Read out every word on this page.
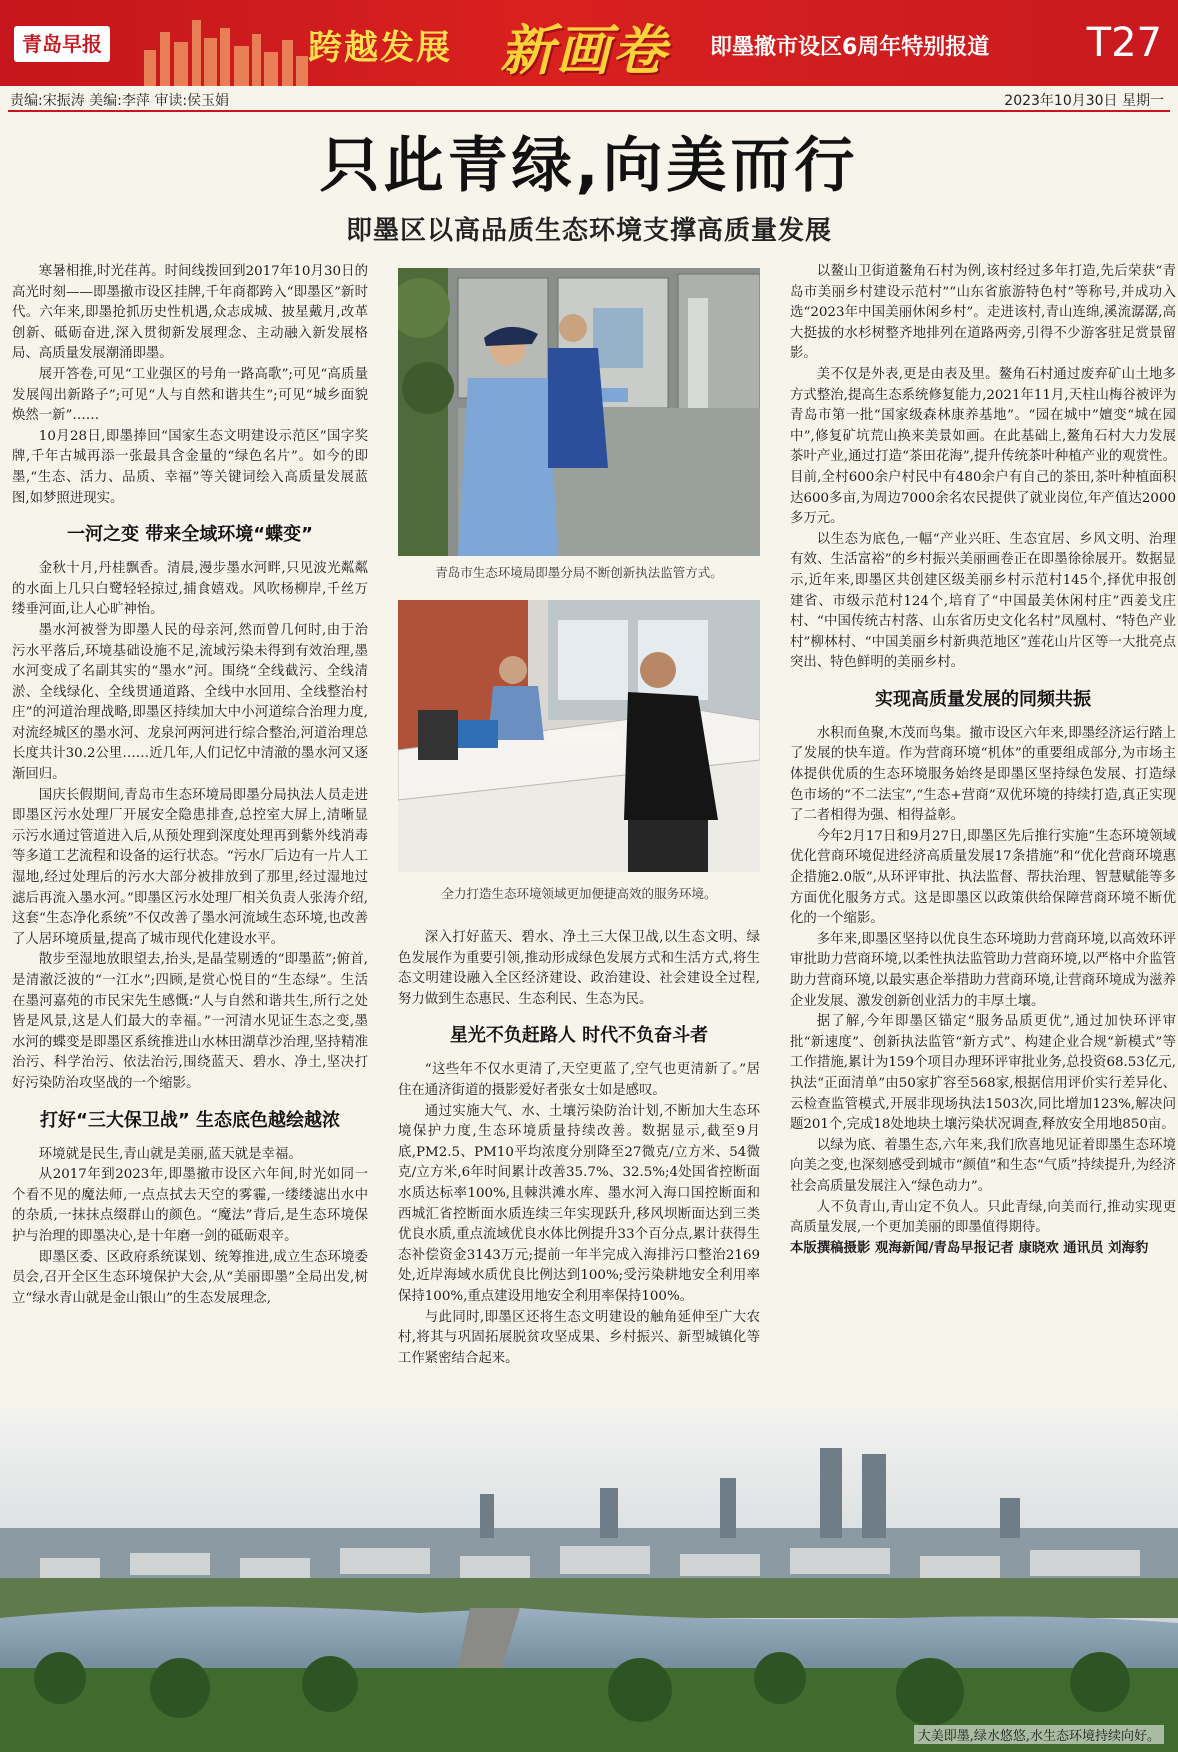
青岛早报	跨越发展 新画卷 即墨撤市设区6周年特别报道 T27
责编:宋振涛 美编:李萍 审读:侯玉娟	2023年10月30日 星期一
只此青绿,向美而行
即墨区以高品质生态环境支撑高质量发展

寒暑相推,时光荏苒。时间线拨回到2017年10月30日的高光时刻——即墨撤市设区挂牌,千年商都跨入“即墨区”新时代。六年来,即墨抢抓历史性机遇,众志成城、披星戴月,改革创新、砥砺奋进,深入贯彻新发展理念、主动融入新发展格局、高质量发展潮涌即墨。

展开答卷,可见“工业强区的号角一路高歌”;可见“高质量发展闯出新路子”;可见“人与自然和谐共生”;可见“城乡面貌焕然一新”……

10月28日,即墨捧回“国家生态文明建设示范区”国字奖牌,千年古城再添一张最具含金量的“绿色名片”。如今的即墨,“生态、活力、品质、幸福”等关键词绘入高质量发展蓝图,如梦照进现实。

一河之变 带来全域环境“蝶变”

金秋十月,丹桂飘香。清晨,漫步墨水河畔,只见波光粼粼的水面上几只白鹭轻轻掠过,捕食嬉戏。风吹杨柳岸,千丝万缕垂河面,让人心旷神怡。

墨水河被誉为即墨人民的母亲河,然而曾几何时,由于治污水平落后,环境基础设施不足,流域污染未得到有效治理,墨水河变成了名副其实的“墨水”河。围绕“全线截污、全线清淤、全线绿化、全线贯通道路、全线中水回用、全线整治村庄”的河道治理战略,即墨区持续加大中小河道综合治理力度,对流经城区的墨水河、龙泉河两河进行综合整治,河道治理总长度共计30.2公里……近几年,人们记忆中清澈的墨水河又逐渐回归。

国庆长假期间,青岛市生态环境局即墨分局执法人员走进即墨区污水处理厂开展安全隐患排查,总控室大屏上,清晰显示污水通过管道进入后,从预处理到深度处理再到紫外线消毒等多道工艺流程和设备的运行状态。“污水厂后边有一片人工湿地,经过处理后的污水大部分被排放到了那里,经过湿地过滤后再流入墨水河。”即墨区污水处理厂相关负责人张涛介绍,这套“生态净化系统”不仅改善了墨水河流域生态环境,也改善了人居环境质量,提高了城市现代化建设水平。

散步至湿地放眼望去,抬头,是晶莹剔透的“即墨蓝”;俯首,是清澈泛波的“一江水”;四顾,是赏心悦目的“生态绿”。生活在墨河嘉苑的市民宋先生感慨:“人与自然和谐共生,所行之处皆是风景,这是人们最大的幸福。”一河清水见证生态之变,墨水河的蝶变是即墨区系统推进山水林田湖草沙治理,坚持精准治污、科学治污、依法治污,围绕蓝天、碧水、净土,坚决打好污染防治攻坚战的一个缩影。

打好“三大保卫战” 生态底色越绘越浓

环境就是民生,青山就是美丽,蓝天就是幸福。

从2017年到2023年,即墨撤市设区六年间,时光如同一个看不见的魔法师,一点点拭去天空的雾霾,一缕缕滤出水中的杂质,一抹抹点缀群山的颜色。“魔法”背后,是生态环境保护与治理的即墨决心,是十年磨一剑的砥砺艰辛。

即墨区委、区政府系统谋划、统筹推进,成立生态环境委员会,召开全区生态环境保护大会,从“美丽即墨”全局出发,树立“绿水青山就是金山银山”的生态发展理念,

青岛市生态环境局即墨分局不断创新执法监管方式。
全力打造生态环境领域更加便捷高效的服务环境。

深入打好蓝天、碧水、净土三大保卫战,以生态文明、绿色发展作为重要引领,推动形成绿色发展方式和生活方式,将生态文明建设融入全区经济建设、政治建设、社会建设全过程,努力做到生态惠民、生态利民、生态为民。

星光不负赶路人 时代不负奋斗者

“这些年不仅水更清了,天空更蓝了,空气也更清新了。”居住在通济街道的摄影爱好者张女士如是感叹。

通过实施大气、水、土壤污染防治计划,不断加大生态环境保护力度,生态环境质量持续改善。数据显示,截至9月底,PM2.5、PM10平均浓度分别降至27微克/立方米、54微克/立方米,6年时间累计改善35.7%、32.5%;4处国省控断面水质达标率100%,且棘洪滩水库、墨水河入海口国控断面和西城汇省控断面水质连续三年实现跃升,移风坝断面达到三类优良水质,重点流域优良水体比例提升33个百分点,累计获得生态补偿资金3143万元;提前一年半完成入海排污口整治2169处,近岸海域水质优良比例达到100%;受污染耕地安全利用率保持100%,重点建设用地安全利用率保持100%。

与此同时,即墨区还将生态文明建设的触角延伸至广大农村,将其与巩固拓展脱贫攻坚成果、乡村振兴、新型城镇化等工作紧密结合起来。

以鳌山卫街道鳌角石村为例,该村经过多年打造,先后荣获“青岛市美丽乡村建设示范村”“山东省旅游特色村”等称号,并成功入选“2023年中国美丽休闲乡村”。走进该村,青山连绵,溪流潺潺,高大挺拔的水杉树整齐地排列在道路两旁,引得不少游客驻足赏景留影。

美不仅是外表,更是由表及里。鳌角石村通过废弃矿山土地多方式整治,提高生态系统修复能力,2021年11月,天柱山梅谷被评为青岛市第一批“国家级森林康养基地”。“园在城中”嬗变“城在园中”,修复矿坑荒山换来美景如画。在此基础上,鳌角石村大力发展茶叶产业,通过打造“茶田花海”,提升传统茶叶种植产业的观赏性。目前,全村600余户村民中有480余户有自己的茶田,茶叶种植面积达600多亩,为周边7000余名农民提供了就业岗位,年产值达2000多万元。

以生态为底色,一幅“产业兴旺、生态宜居、乡风文明、治理有效、生活富裕”的乡村振兴美丽画卷正在即墨徐徐展开。数据显示,近年来,即墨区共创建区级美丽乡村示范村145个,择优申报创建省、市级示范村124个,培育了“中国最美休闲村庄”西姜戈庄村、“中国传统古村落、山东省历史文化名村”凤凰村、“特色产业村”柳林村、“中国美丽乡村新典范地区”莲花山片区等一大批亮点突出、特色鲜明的美丽乡村。

实现高质量发展的同频共振

水积而鱼聚,木茂而鸟集。撤市设区六年来,即墨经济运行踏上了发展的快车道。作为营商环境“机体”的重要组成部分,为市场主体提供优质的生态环境服务始终是即墨区坚持绿色发展、打造绿色市场的“不二法宝”,“生态+营商”双优环境的持续打造,真正实现了二者相得为强、相得益彰。

今年2月17日和9月27日,即墨区先后推行实施“生态环境领域优化营商环境促进经济高质量发展17条措施”和“优化营商环境惠企措施2.0版”,从环评审批、执法监督、帮扶治理、智慧赋能等多方面优化服务方式。这是即墨区以政策供给保障营商环境不断优化的一个缩影。

多年来,即墨区坚持以优良生态环境助力营商环境,以高效环评审批助力营商环境,以柔性执法监管助力营商环境,以严格中介监管助力营商环境,以最实惠企举措助力营商环境,让营商环境成为滋养企业发展、激发创新创业活力的丰厚土壤。

据了解,今年即墨区锚定“服务品质更优”,通过加快环评审批“新速度”、创新执法监管“新方式”、构建企业合规“新模式”等工作措施,累计为159个项目办理环评审批业务,总投资68.53亿元,执法“正面清单”由50家扩容至568家,根据信用评价实行差异化、云检查监管模式,开展非现场执法1503次,同比增加123%,解决问题201个,完成18处地块土壤污染状况调查,释放安全用地850亩。

以绿为底、着墨生态,六年来,我们欣喜地见证着即墨生态环境向美之变,也深刻感受到城市“颜值”和生态“气质”持续提升,为经济社会高质量发展注入“绿色动力”。

人不负青山,青山定不负人。只此青绿,向美而行,推动实现更高质量发展,一个更加美丽的即墨值得期待。

本版撰稿摄影 观海新闻/青岛早报记者 康晓欢 通讯员 刘海豹

大美即墨,绿水悠悠,水生态环境持续向好。
